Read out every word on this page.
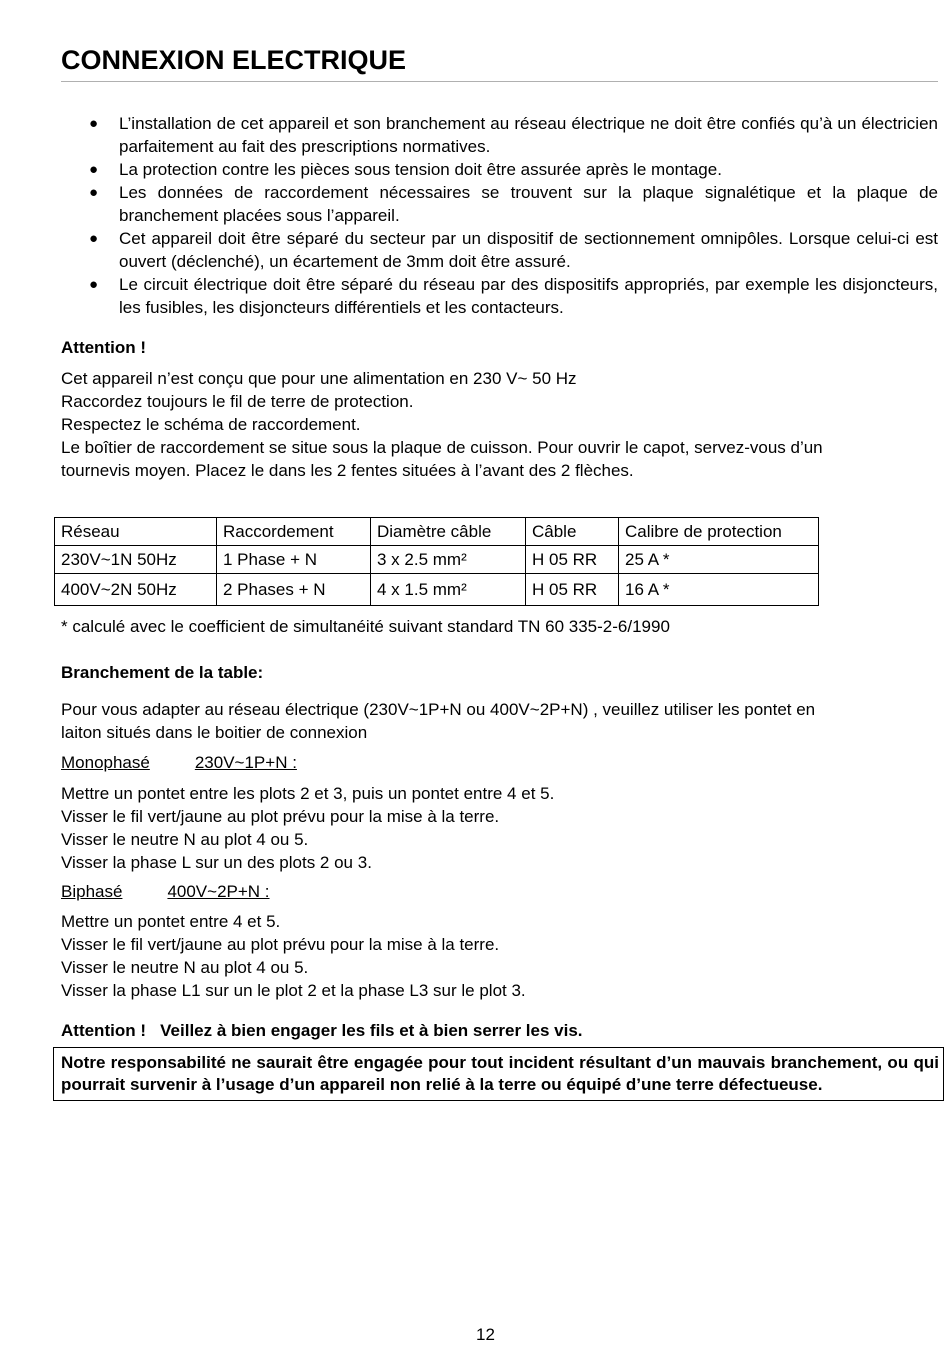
CONNEXION ELECTRIQUE
● L’installation de cet appareil et son branchement au réseau électrique ne doit être confiés qu’à un électricien parfaitement au fait des prescriptions normatives.
● La protection contre les pièces sous tension doit être assurée après le montage.
● Les données de raccordement nécessaires se trouvent sur la plaque signalétique et la plaque de branchement placées sous l’appareil.
● Cet appareil doit être séparé du secteur par un dispositif de sectionnement omnipôles. Lorsque celui-ci est ouvert (déclenché), un écartement de 3mm doit être assuré.
● Le circuit électrique doit être séparé du réseau par des dispositifs appropriés, par exemple les disjoncteurs, les fusibles, les disjoncteurs différentiels et les contacteurs.
Attention !
Cet appareil n’est conçu que pour une alimentation en 230 V~ 50 Hz
Raccordez toujours le fil de terre de protection.
Respectez le schéma de raccordement.
Le boîtier de raccordement se situe sous la plaque de cuisson. Pour ouvrir le capot, servez-vous d’un
tournevis moyen. Placez le dans les 2 fentes situées à l’avant des 2 flèches.
Réseau	Raccordement	Diamètre câble	Câble	Calibre de protection
230V~1N 50Hz	1 Phase + N	3 x 2.5 mm²	H 05 RR	25 A *
400V~2N 50Hz	2 Phases + N	4 x 1.5 mm²	H 05 RR	16 A *
* calculé avec le coefficient de simultanéité suivant standard TN 60 335-2-6/1990
Branchement de la table:
Pour vous adapter au réseau électrique (230V~1P+N ou 400V~2P+N) , veuillez utiliser les pontet en
laiton situés dans le boitier de connexion
Monophasé	230V~1P+N :
Mettre un pontet entre les plots 2 et 3, puis un pontet entre 4 et 5.
Visser le fil vert/jaune au plot prévu pour la mise à la terre.
Visser le neutre N au plot 4 ou 5.
Visser la phase L sur un des plots 2 ou 3.
Biphasé	400V~2P+N :
Mettre un pontet entre 4 et 5.
Visser le fil vert/jaune au plot prévu pour la mise à la terre.
Visser le neutre N au plot 4 ou 5.
Visser la phase L1 sur un le plot 2 et la phase L3 sur le plot 3.
Attention !   Veillez à bien engager les fils et à bien serrer les vis.
Notre responsabilité ne saurait être engagée pour tout incident résultant d’un mauvais branchement, ou qui pourrait survenir à l’usage d’un appareil non relié à la terre ou équipé d’une terre défectueuse.
12
